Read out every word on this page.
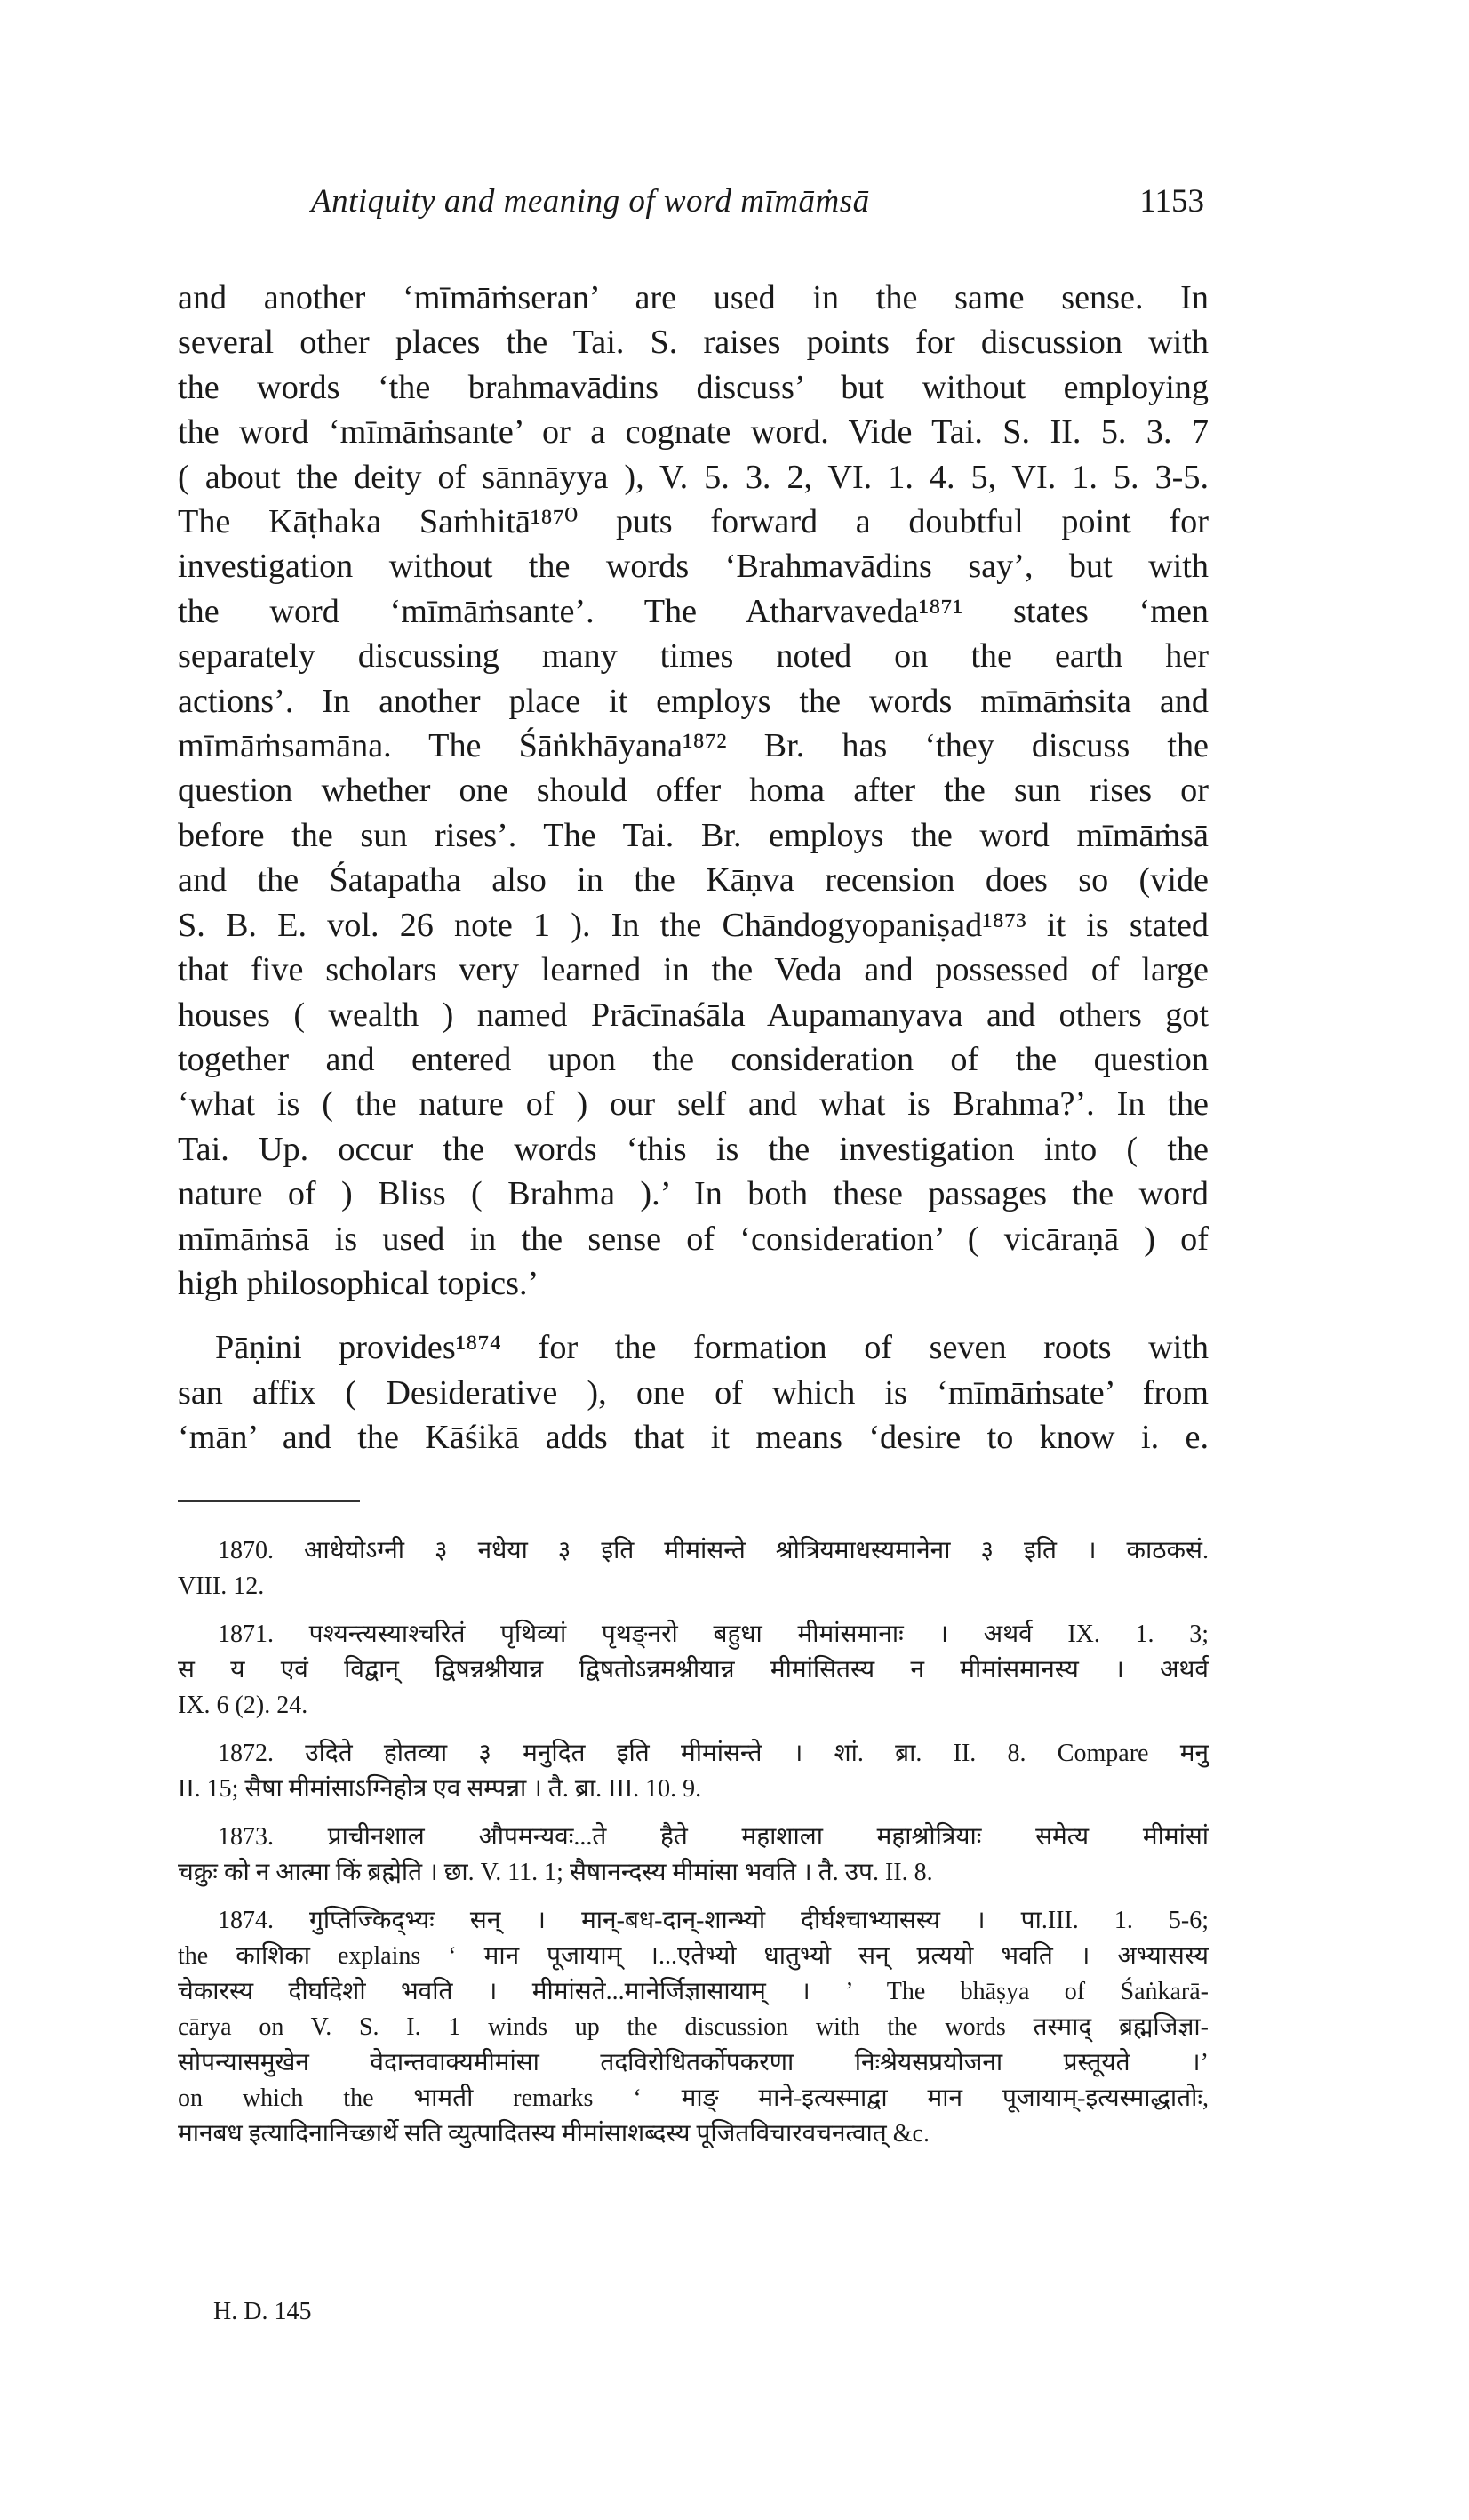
Antiquity and meaning of word mīmāṁsā	1153

and another ‘mīmāṁseran’ are used in the same sense. In
several other places the Tai. S. raises points for discussion with
the words ‘the brahmavādins discuss’ but without employing
the word ‘mīmāṁsante’ or a cognate word. Vide Tai. S. II. 5. 3. 7
( about the deity of sānnāyya ), V. 5. 3. 2, VI. 1. 4. 5, VI. 1. 5. 3-5.
The Kāṭhaka Saṁhitā¹⁸⁷⁰ puts forward a doubtful point for
investigation without the words ‘Brahmavādins say’, but with
the word ‘mīmāṁsante’. The Atharvaveda¹⁸⁷¹ states ‘men
separately discussing many times noted on the earth her
actions’. In another place it employs the words mīmāṁsita and
mīmāṁsamāna. The Śāṅkhāyana¹⁸⁷² Br. has ‘they discuss the
question whether one should offer homa after the sun rises or
before the sun rises’. The Tai. Br. employs the word mīmāṁsā
and the Śatapatha also in the Kāṇva recension does so (vide
S. B. E. vol. 26 note 1 ). In the Chāndogyopaniṣad¹⁸⁷³ it is stated
that five scholars very learned in the Veda and possessed of large
houses ( wealth ) named Prācīnaśāla Aupamanyava and others got
together and entered upon the consideration of the question
‘what is ( the nature of ) our self and what is Brahma?’. In the
Tai. Up. occur the words ‘this is the investigation into ( the
nature of ) Bliss ( Brahma ).’ In both these passages the word
mīmāṁsā is used in the sense of ‘consideration’ ( vicāraṇā ) of
high philosophical topics.’

Pāṇini provides¹⁸⁷⁴ for the formation of seven roots with
san affix ( Desiderative ), one of which is ‘mīmāṁsate’ from
‘mān’ and the Kāśikā adds that it means ‘desire to know i. e.

1870. आधेयोऽग्नी ३ नधेया ३ इति मीमांसन्ते श्रोत्रियमाधस्यमानेना ३ इति । काठकसं.
VIII. 12.
1871. पश्यन्त्यस्याश्चरितं पृथिव्यां पृथङ्नरो बहुधा मीमांसमानाः । अथर्व IX. 1. 3;
स य एवं विद्वान् द्विषन्नश्नीयान्न द्विषतोऽन्नमश्नीयान्न मीमांसितस्य न मीमांसमानस्य । अथर्व
IX. 6 (2). 24.
1872. उदिते होतव्या ३ मनुदित इति मीमांसन्ते । शां. ब्रा. II. 8. Compare मनु
II. 15; सैषा मीमांसाऽग्निहोत्र एव सम्पन्ना । तै. ब्रा. III. 10. 9.
1873. प्राचीनशाल औपमन्यवः...ते हैते महाशाला महाश्रोत्रियाः समेत्य मीमांसां
चक्रुः को न आत्मा किं ब्रह्मेति । छा. V. 11. 1; सैषानन्दस्य मीमांसा भवति । तै. उप. II. 8.
1874. गुप्तिज्किद्भ्यः सन् । मान्-बध-दान्-शान्भ्यो दीर्घश्चाभ्यासस्य । पा.III. 1. 5-6;
the काशिका explains ‘ मान पूजायाम् ।...एतेभ्यो धातुभ्यो सन् प्रत्ययो भवति । अभ्यासस्य
चेकारस्य दीर्घादेशो भवति । मीमांसते...मानेर्जिज्ञासायाम् । ’ The bhāṣya of Śaṅkarā-
cārya on V. S. I. 1 winds up the discussion with the words तस्माद् ब्रह्मजिज्ञा-
सोपन्यासमुखेन वेदान्तवाक्यमीमांसा तदविरोधितर्कोपकरणा निःश्रेयसप्रयोजना प्रस्तूयते ।’
on which the भामती remarks ‘ माङ् माने-इत्यस्माद्वा मान पूजायाम्-इत्यस्माद्धातोः,
मानबध इत्यादिनानिच्छार्थे सति व्युत्पादितस्य मीमांसाशब्दस्य पूजितविचारवचनत्वात् &c.
H. D. 145
